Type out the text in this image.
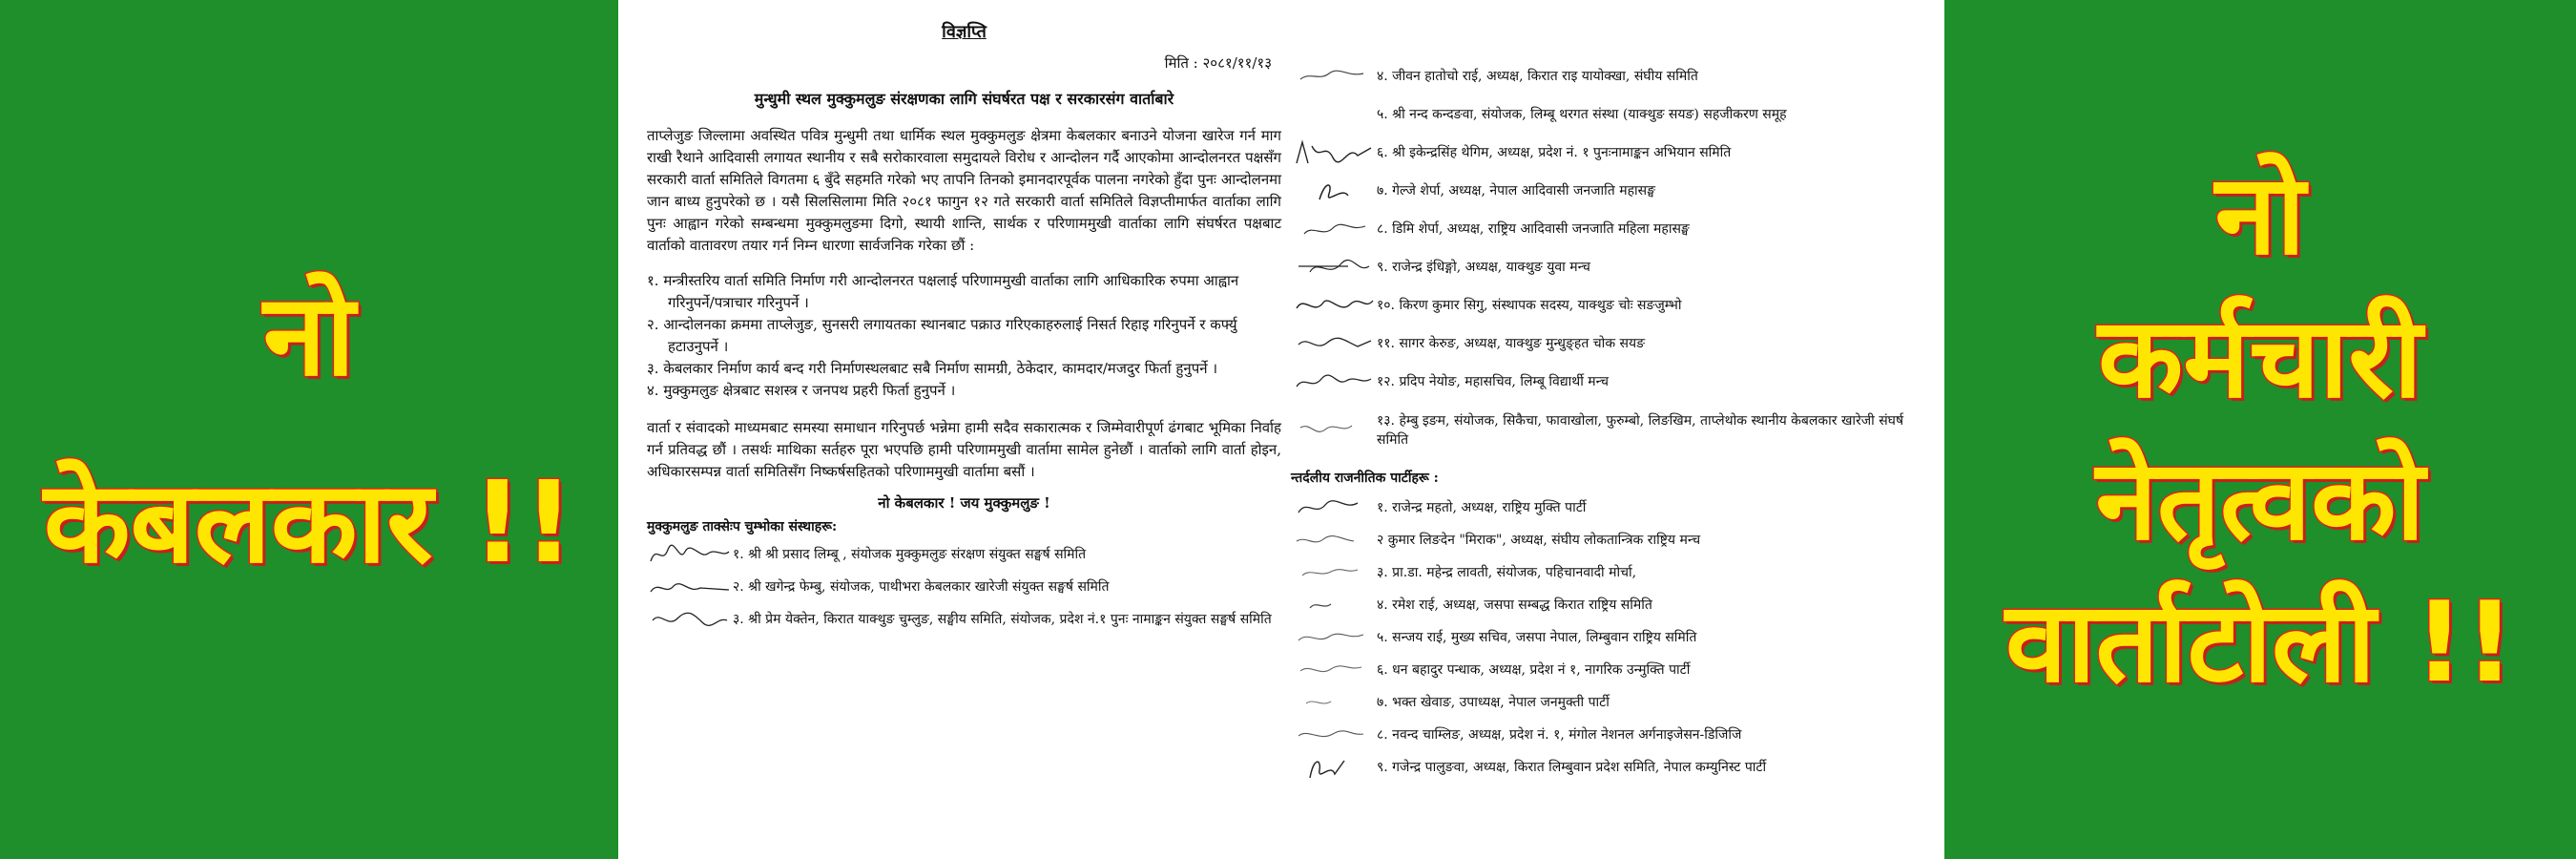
नो
केबलकार !!
विज्ञप्ति
मिति : २०८१/११/१३
मुन्धुमी स्थल मुक्कुमलुङ संरक्षणका लागि संघर्षरत पक्ष र सरकारसंग वार्ताबारे
ताप्लेजुङ जिल्लामा अवस्थित पवित्र मुन्धुमी तथा धार्मिक स्थल मुक्कुमलुङ क्षेत्रमा केबलकार बनाउने योजना खारेज गर्न माग राखी रैथाने आदिवासी लगायत स्थानीय र सबै सरोकारवाला समुदायले विरोध र आन्दोलन गर्दै आएकोमा आन्दोलनरत पक्षसँग सरकारी वार्ता समितिले विगतमा ६ बुँदे सहमति गरेको भए तापनि तिनको इमानदारपूर्वक पालना नगरेको हुँदा पुनः आन्दोलनमा जान बाध्य हुनुपरेको छ । यसै सिलसिलामा मिति २०८१ फागुन १२ गते सरकारी वार्ता समितिले विज्ञप्तीमार्फत वार्ताका लागि पुनः आह्वान गरेको सम्बन्धमा मुक्कुमलुङमा दिगो, स्थायी शान्ति, सार्थक र परिणाममुखी वार्ताका लागि संघर्षरत पक्षबाट वार्ताको वातावरण तयार गर्न निम्न धारणा सार्वजनिक गरेका छौं :
१. मन्त्रीस्तरिय वार्ता समिति निर्माण गरी आन्दोलनरत पक्षलाई परिणाममुखी वार्ताका लागि आधिकारिक रुपमा आह्वान गरिनुपर्ने/पत्राचार गरिनुपर्ने ।
२. आन्दोलनका क्रममा ताप्लेजुङ, सुनसरी लगायतका स्थानबाट पक्राउ गरिएकाहरुलाई निसर्त रिहाइ गरिनुपर्ने र कर्फ्यु हटाउनुपर्ने ।
३. केबलकार निर्माण कार्य बन्द गरी निर्माणस्थलबाट सबै निर्माण सामग्री, ठेकेदार, कामदार/मजदुर फिर्ता हुनुपर्ने ।
४. मुक्कुमलुङ क्षेत्रबाट सशस्त्र र जनपथ प्रहरी फिर्ता हुनुपर्ने ।
वार्ता र संवादको माध्यमबाट समस्या समाधान गरिनुपर्छ भन्नेमा हामी सदैव सकारात्मक र जिम्मेवारीपूर्ण ढंगबाट भूमिका निर्वाह गर्न प्रतिवद्ध छौं । तसर्थः माथिका सर्तहरु पूरा भएपछि हामी परिणाममुखी वार्तामा सामेल हुनेछौं । वार्ताको लागि वार्ता होइन, अधिकारसम्पन्न वार्ता समितिसँग निष्कर्षसहितको परिणाममुखी वार्तामा बसौं ।
नो केबलकार ! जय मुक्कुमलुङ !
मुक्कुमलुङ ताक्सेःप चुम्भोका संस्थाहरू:
१. श्री श्री प्रसाद लिम्बू , संयोजक मुक्कुमलुङ संरक्षण संयुक्त सङ्घर्ष समिति
२. श्री खगेन्द्र फेम्बु, संयोजक, पाथीभरा केबलकार खारेजी संयुक्त सङ्घर्ष समिति
३. श्री प्रेम येक्तेन, किरात याक्थुङ चुम्लुङ, सङ्घीय समिति, संयोजक, प्रदेश नं.१ पुनः नामाङ्कन संयुक्त सङ्घर्ष समिति
४. जीवन हातोचो राई, अध्यक्ष, किरात राइ यायोक्खा, संघीय समिति
५. श्री नन्द कन्दङवा, संयोजक, लिम्बू थरगत संस्था (याक्थुङ सयङ) सहजीकरण समूह
६. श्री इकेन्द्रसिंह थेगिम, अध्यक्ष, प्रदेश नं. १ पुनःनामाङ्कन अभियान समिति
७. गेल्जे शेर्पा, अध्यक्ष, नेपाल आदिवासी जनजाति महासङ्घ
८. डिमि शेर्पा, अध्यक्ष, राष्ट्रिय आदिवासी जनजाति महिला महासङ्घ
९. राजेन्द्र इंधिङ्गो, अध्यक्ष, याक्थुङ युवा मन्च
१०. किरण कुमार सिगु, संस्थापक सदस्य, याक्थुङ चोः सङजुम्भो
११. सागर केरुङ, अध्यक्ष, याक्थुङ मुन्धुङ्हत चोक सयङ
१२. प्रदिप नेयोङ, महासचिव, लिम्बू विद्यार्थी मन्च
१३. हेम्बु इङम, संयोजक, सिकैचा, फावाखोला, फुरुम्बो, लिङखिम, ताप्लेथोक स्थानीय केबलकार खारेजी संघर्ष समिति
न्तर्दलीय राजनीतिक पार्टीहरू :
१. राजेन्द्र महतो, अध्यक्ष, राष्ट्रिय मुक्ति पार्टी
२ कुमार लिङदेन "मिराक", अध्यक्ष, संघीय लोकतान्त्रिक राष्ट्रिय मन्च
३. प्रा.डा. महेन्द्र लावती, संयोजक, पहिचानवादी मोर्चा,
४. रमेश राई, अध्यक्ष, जसपा सम्बद्ध किरात राष्ट्रिय समिति
५. सन्जय राई, मुख्य सचिव, जसपा नेपाल, लिम्बुवान राष्ट्रिय समिति
६. धन बहादुर पन्धाक, अध्यक्ष, प्रदेश नं १, नागरिक उन्मुक्ति पार्टी
७. भक्त खेवाङ, उपाध्यक्ष, नेपाल जनमुक्ती पार्टी
८. नवन्द चाम्लिङ, अध्यक्ष, प्रदेश नं. १, मंगोल नेशनल अर्गनाइजेसन-डिजिजि
९. गजेन्द्र पालुङवा, अध्यक्ष, किरात लिम्बुवान प्रदेश समिति, नेपाल कम्युनिस्ट पार्टी
नो
कर्मचारी
नेतृत्वको
वार्ताटोली !!
